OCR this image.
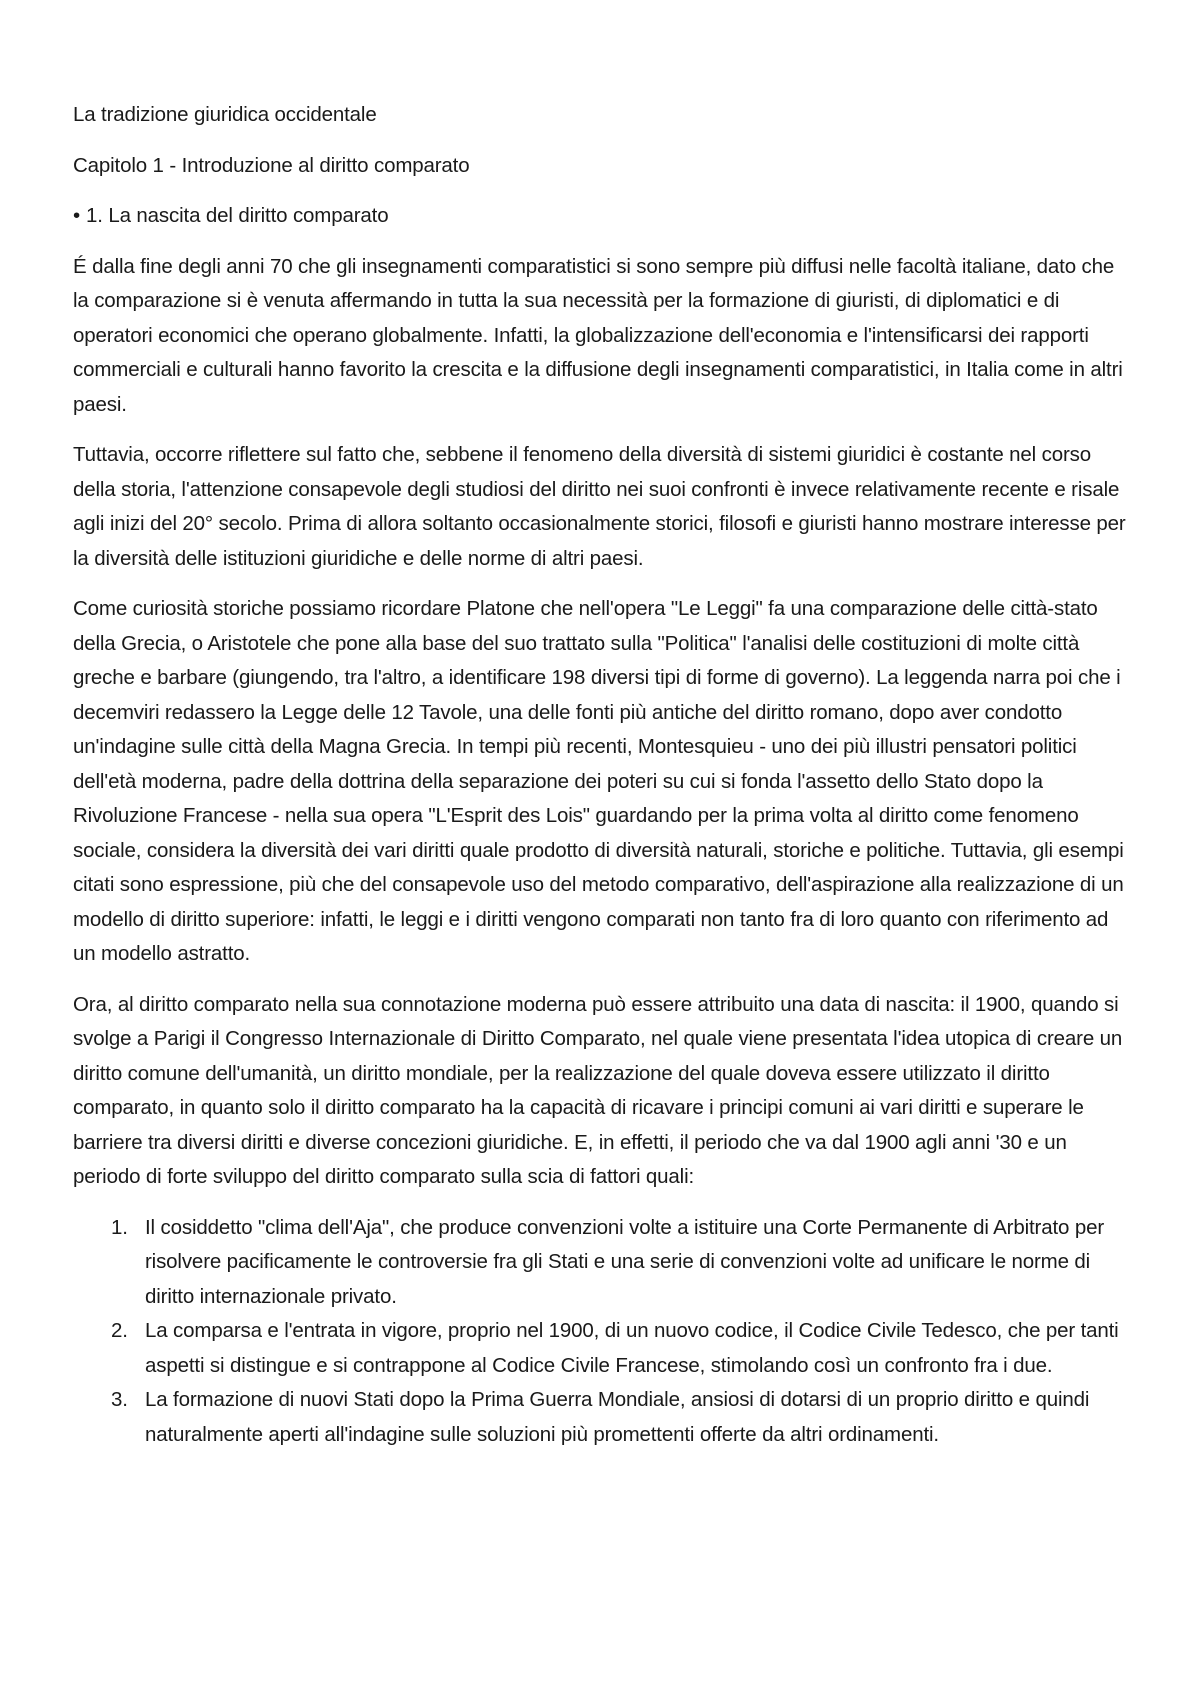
La tradizione giuridica occidentale

Capitolo 1 - Introduzione al diritto comparato

• 1. La nascita del diritto comparato

É dalla fine degli anni 70 che gli insegnamenti comparatistici si sono sempre più diffusi nelle facoltà italiane, dato che la comparazione si è venuta affermando in tutta la sua necessità per la formazione di giuristi, di diplomatici e di operatori economici che operano globalmente. Infatti, la globalizzazione dell'economia e l'intensificarsi dei rapporti commerciali e culturali hanno favorito la crescita e la diffusione degli insegnamenti comparatistici, in Italia come in altri paesi.

Tuttavia, occorre riflettere sul fatto che, sebbene il fenomeno della diversità di sistemi giuridici è costante nel corso della storia, l'attenzione consapevole degli studiosi del diritto nei suoi confronti è invece relativamente recente e risale agli inizi del 20° secolo. Prima di allora soltanto occasionalmente storici, filosofi e giuristi hanno mostrare interesse per la diversità delle istituzioni giuridiche e delle norme di altri paesi.

Come curiosità storiche possiamo ricordare Platone che nell'opera "Le Leggi" fa una comparazione delle città-stato della Grecia, o Aristotele che pone alla base del suo trattato sulla "Politica" l'analisi delle costituzioni di molte città greche e barbare (giungendo, tra l'altro, a identificare 198 diversi tipi di forme di governo). La leggenda narra poi che i decemviri redassero la Legge delle 12 Tavole, una delle fonti più antiche del diritto romano, dopo aver condotto un'indagine sulle città della Magna Grecia. In tempi più recenti, Montesquieu - uno dei più illustri pensatori politici dell'età moderna, padre della dottrina della separazione dei poteri su cui si fonda l'assetto dello Stato dopo la Rivoluzione Francese - nella sua opera "L'Esprit des Lois" guardando per la prima volta al diritto come fenomeno sociale, considera la diversità dei vari diritti quale prodotto di diversità naturali, storiche e politiche. Tuttavia, gli esempi citati sono espressione, più che del consapevole uso del metodo comparativo, dell'aspirazione alla realizzazione di un modello di diritto superiore: infatti, le leggi e i diritti vengono comparati non tanto fra di loro quanto con riferimento ad un modello astratto.

Ora, al diritto comparato nella sua connotazione moderna può essere attribuito una data di nascita: il 1900, quando si svolge a Parigi il Congresso Internazionale di Diritto Comparato, nel quale viene presentata l'idea utopica di creare un diritto comune dell'umanità, un diritto mondiale, per la realizzazione del quale doveva essere utilizzato il diritto comparato, in quanto solo il diritto comparato ha la capacità di ricavare i principi comuni ai vari diritti e superare le barriere tra diversi diritti e diverse concezioni giuridiche. E, in effetti, il periodo che va dal 1900 agli anni '30 e un periodo di forte sviluppo del diritto comparato sulla scia di fattori quali:

1. Il cosiddetto "clima dell'Aja", che produce convenzioni volte a istituire una Corte Permanente di Arbitrato per risolvere pacificamente le controversie fra gli Stati e una serie di convenzioni volte ad unificare le norme di diritto internazionale privato.
2. La comparsa e l'entrata in vigore, proprio nel 1900, di un nuovo codice, il Codice Civile Tedesco, che per tanti aspetti si distingue e si contrappone al Codice Civile Francese, stimolando così un confronto fra i due.
3. La formazione di nuovi Stati dopo la Prima Guerra Mondiale, ansiosi di dotarsi di un proprio diritto e quindi naturalmente aperti all'indagine sulle soluzioni più promettenti offerte da altri ordinamenti.
